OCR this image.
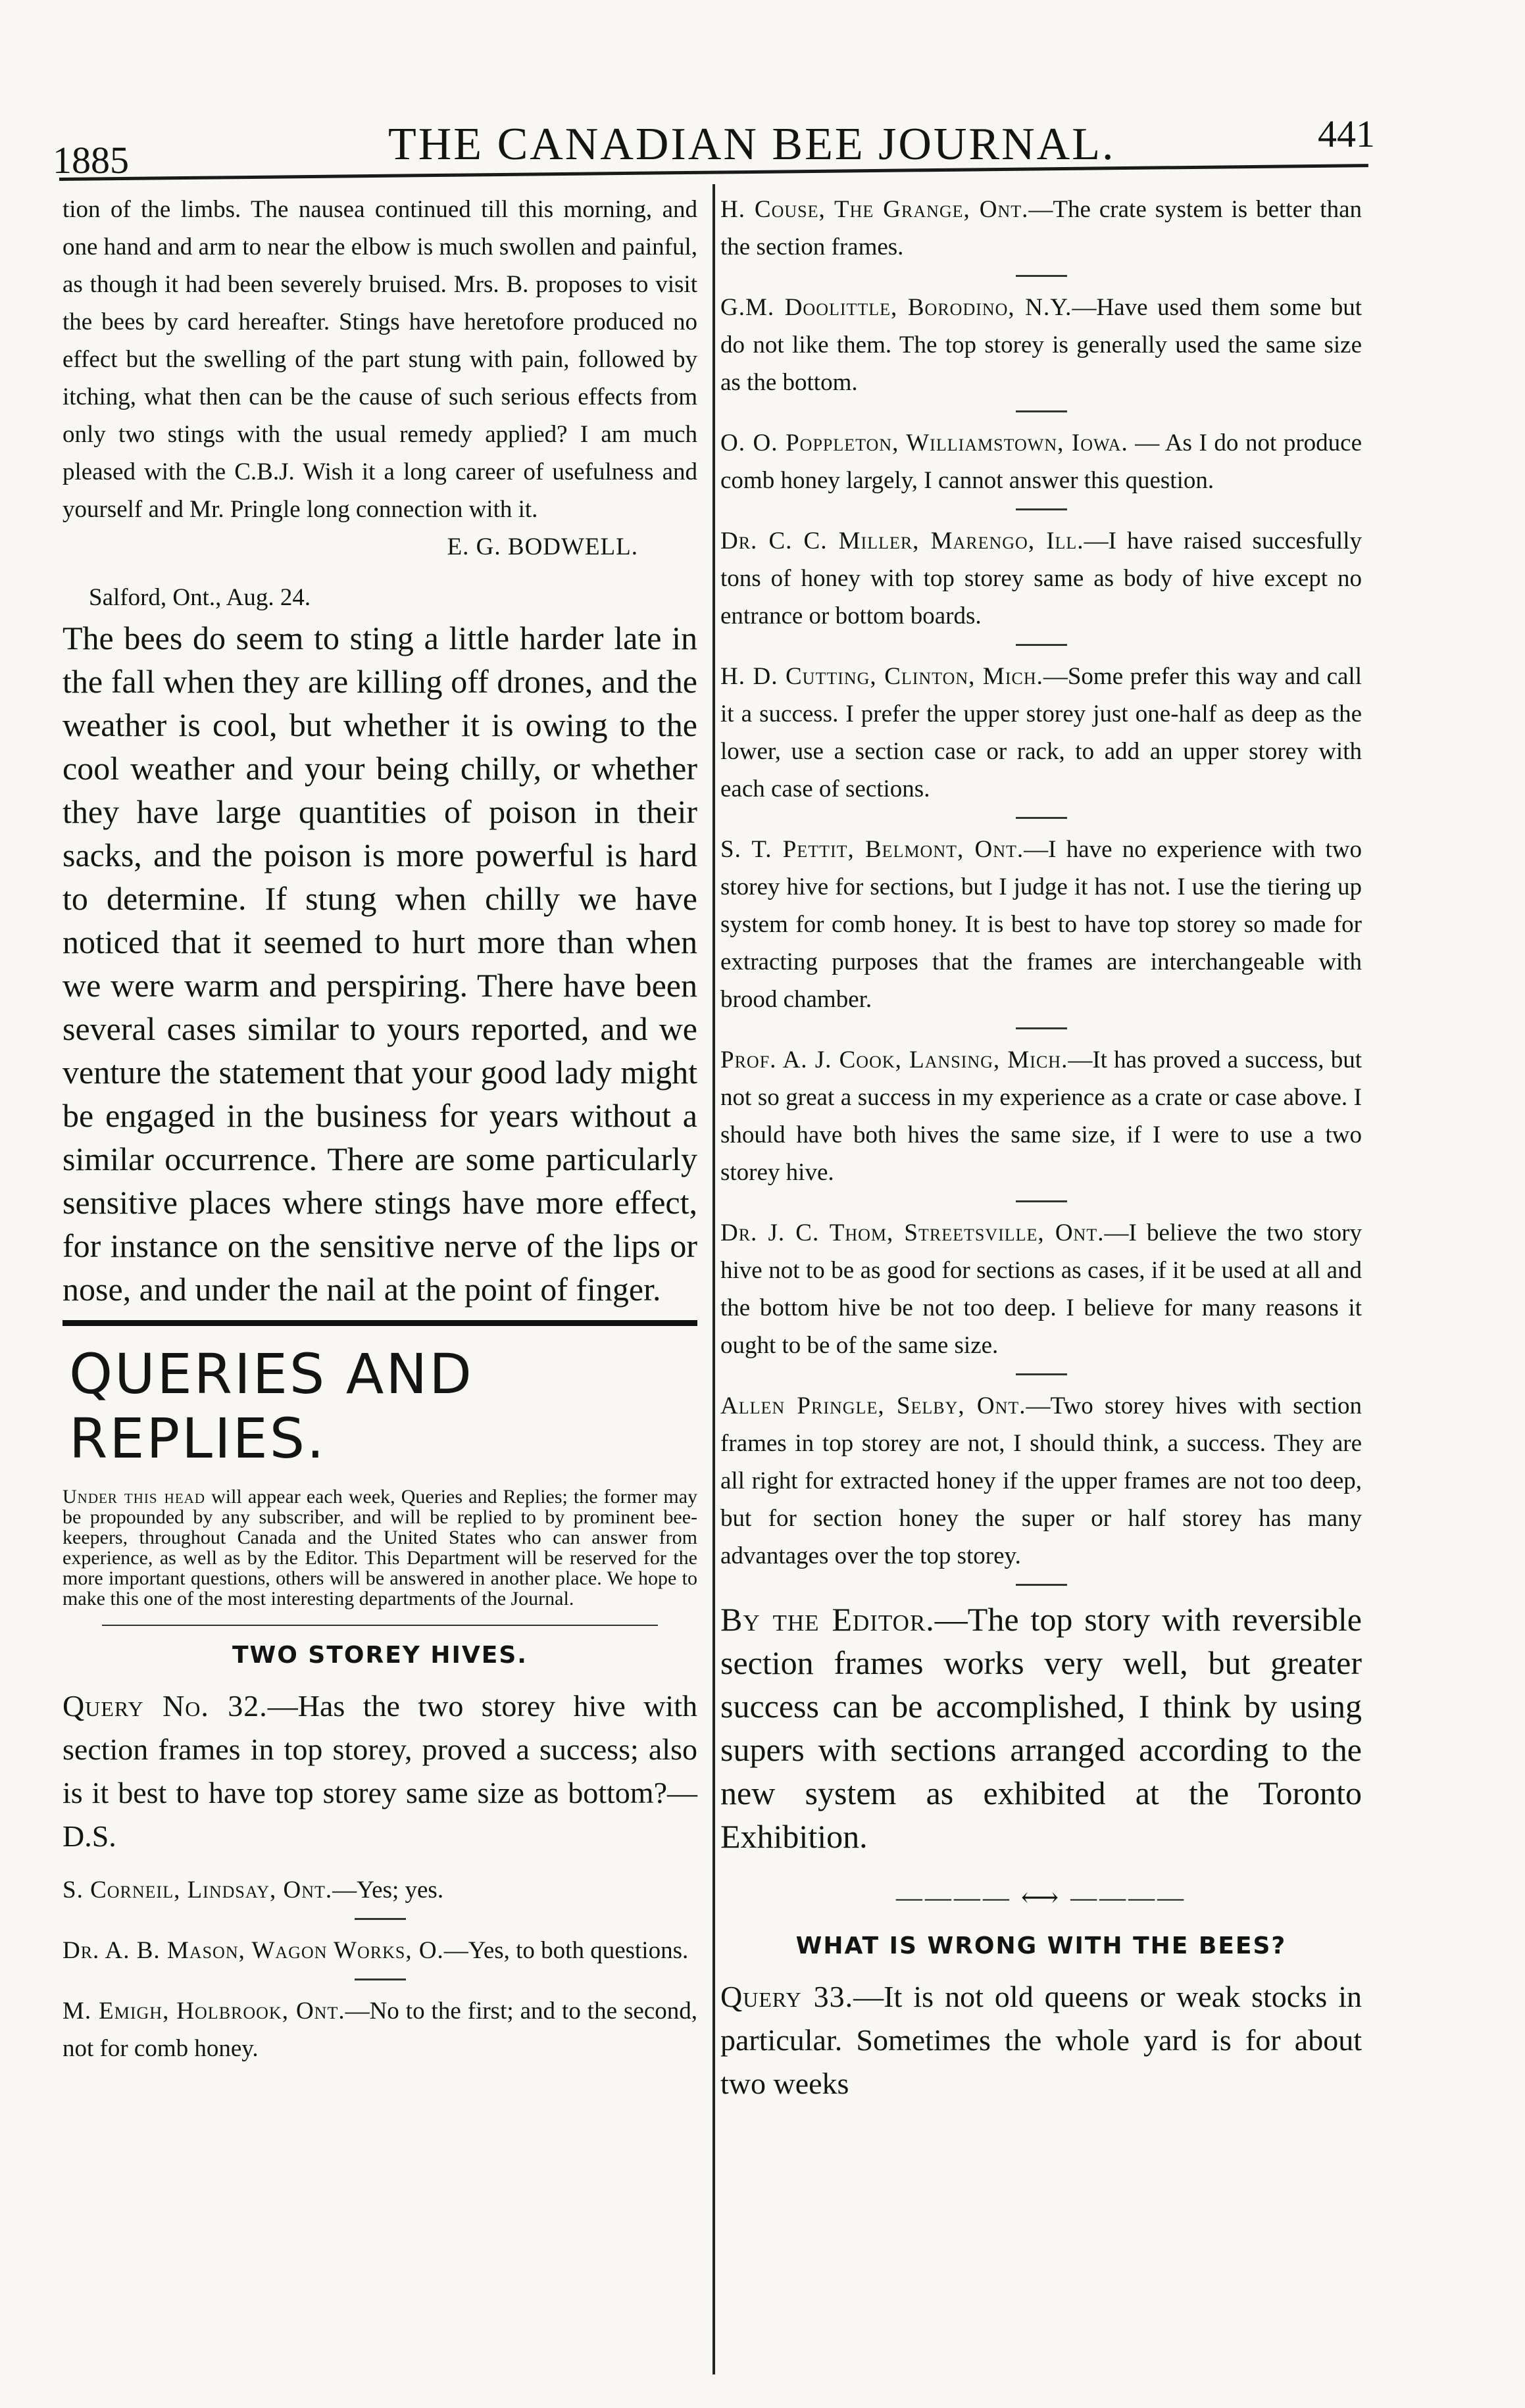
1885	THE CANADIAN BEE JOURNAL.	441

tion of the limbs. The nausea continued till this morning, and one hand and arm to near the elbow is much swollen and painful, as though it had been severely bruised. Mrs. B. proposes to visit the bees by card hereafter. Stings have heretofore produced no effect but the swelling of the part stung with pain, followed by itching, what then can be the cause of such serious effects from only two stings with the usual remedy applied? I am much pleased with the C.B.J. Wish it a long career of usefulness and yourself and Mr. Pringle long connection with it.

E. G. BODWELL.

Salford, Ont., Aug. 24.

The bees do seem to sting a little harder late in the fall when they are killing off drones, and the weather is cool, but whether it is owing to the cool weather and your being chilly, or whether they have large quantities of poison in their sacks, and the poison is more powerful is hard to determine. If stung when chilly we have noticed that it seemed to hurt more than when we were warm and perspiring. There have been several cases similar to yours reported, and we venture the statement that your good lady might be engaged in the business for years without a similar occurrence. There are some particularly sensitive places where stings have more effect, for instance on the sensitive nerve of the lips or nose, and under the nail at the point of finger.

QUERIES AND REPLIES.

Under this head will appear each week, Queries and Replies; the former may be propounded by any subscriber, and will be replied to by prominent bee-keepers, throughout Canada and the United States who can answer from experience, as well as by the Editor. This Department will be reserved for the more important questions, others will be answered in another place. We hope to make this one of the most interesting departments of the Journal.

TWO STOREY HIVES.

Query No. 32.—Has the two storey hive with section frames in top storey, proved a success; also is it best to have top storey same size as bottom?—D.S.

S. Corneil, Lindsay, Ont.—Yes; yes.

Dr. A. B. Mason, Wagon Works, O.—Yes, to both questions.

M. Emigh, Holbrook, Ont.—No to the first; and to the second, not for comb honey.

H. Couse, The Grange, Ont.—The crate system is better than the section frames.

G.M. Doolittle, Borodino, N.Y.—Have used them some but do not like them. The top storey is generally used the same size as the bottom.

O. O. Poppleton, Williamstown, Iowa. — As I do not produce comb honey largely, I cannot answer this question.

Dr. C. C. Miller, Marengo, Ill.—I have raised succesfully tons of honey with top storey same as body of hive except no entrance or bottom boards.

H. D. Cutting, Clinton, Mich.—Some prefer this way and call it a success. I prefer the upper storey just one-half as deep as the lower, use a section case or rack, to add an upper storey with each case of sections.

S. T. Pettit, Belmont, Ont.—I have no experience with two storey hive for sections, but I judge it has not. I use the tiering up system for comb honey. It is best to have top storey so made for extracting purposes that the frames are interchangeable with brood chamber.

Prof. A. J. Cook, Lansing, Mich.—It has proved a success, but not so great a success in my experience as a crate or case above. I should have both hives the same size, if I were to use a two storey hive.

Dr. J. C. Thom, Streetsville, Ont.—I believe the two story hive not to be as good for sections as cases, if it be used at all and the bottom hive be not too deep. I believe for many reasons it ought to be of the same size.

Allen Pringle, Selby, Ont.—Two storey hives with section frames in top storey are not, I should think, a success. They are all right for extracted honey if the upper frames are not too deep, but for section honey the super or half storey has many advantages over the top storey.

By the Editor.—The top story with reversible section frames works very well, but greater success can be accomplished, I think by using supers with sections arranged according to the new system as exhibited at the Toronto Exhibition.

———— ⟷ ————
WHAT IS WRONG WITH THE BEES?

Query 33.—It is not old queens or weak stocks in particular. Sometimes the whole yard is for about two weeks
